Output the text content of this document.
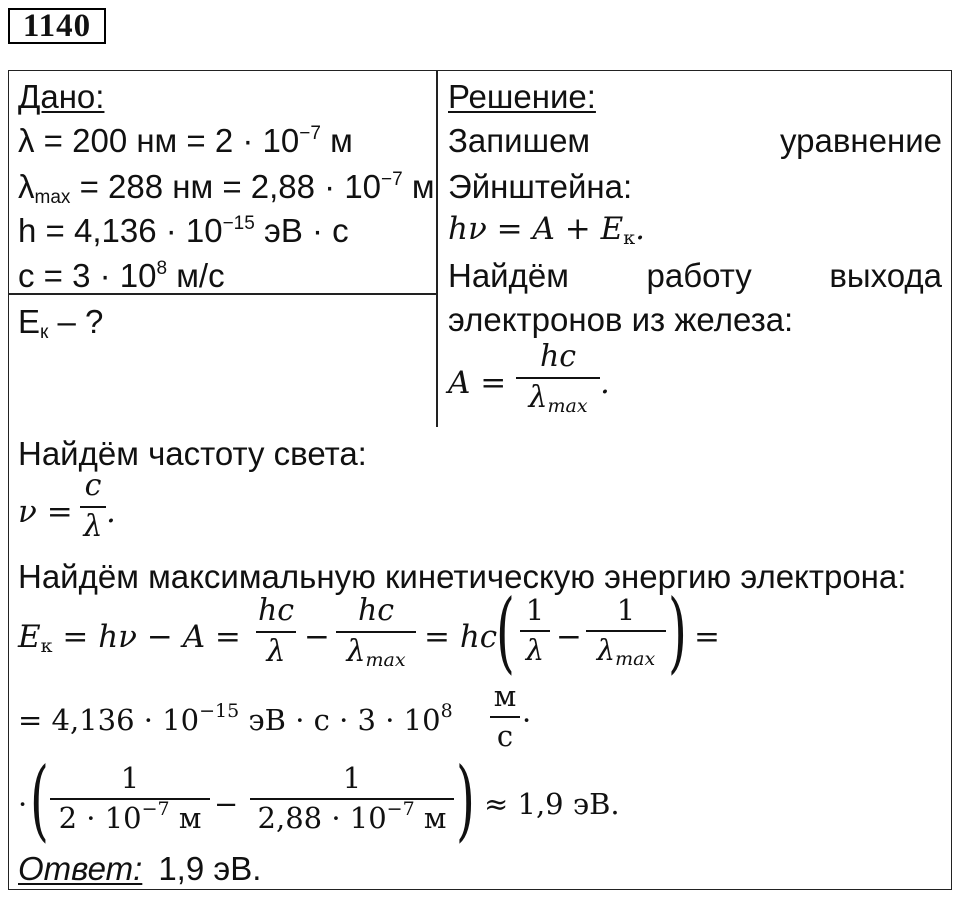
1140
Дано:
λ = 200 нм = $2 \cdot 10^{-7}$ м
$\lambda_{max} = 288$ нм = $2,88 \cdot 10^{-7}$ м
$h = 4,136 \cdot 10^{-15}$ эВ · с
$с = 3 \cdot 10^8$ м/с
$Е_к$ – ?
Решение:
Запишем	уравнение
Эйнштейна:
$h\nu = A + E_к$.
Найдём работу выхода
электронов из железа:
A =
hc
$\lambda_{max}$
.
Найдём частоту света:
ν =
c
λ .
Найдём максимальную кинетическую энергию электрона:
$E_к = h\nu - A$ =
hc
λ −
hc
$\lambda_{max}$
= hc
( 1
λ −
1
$\lambda_{max}$ ) =
= $4,136 \cdot 10^{-15}$ эВ · $с \cdot 3 \cdot 10^8$ м
с ·
· (	1
$2 \cdot 10^{-7}$ м −
1
$2,88 \cdot 10^{-7}$ м ) ≈ 1,9 эВ.
Ответ: 1,9 эВ.
